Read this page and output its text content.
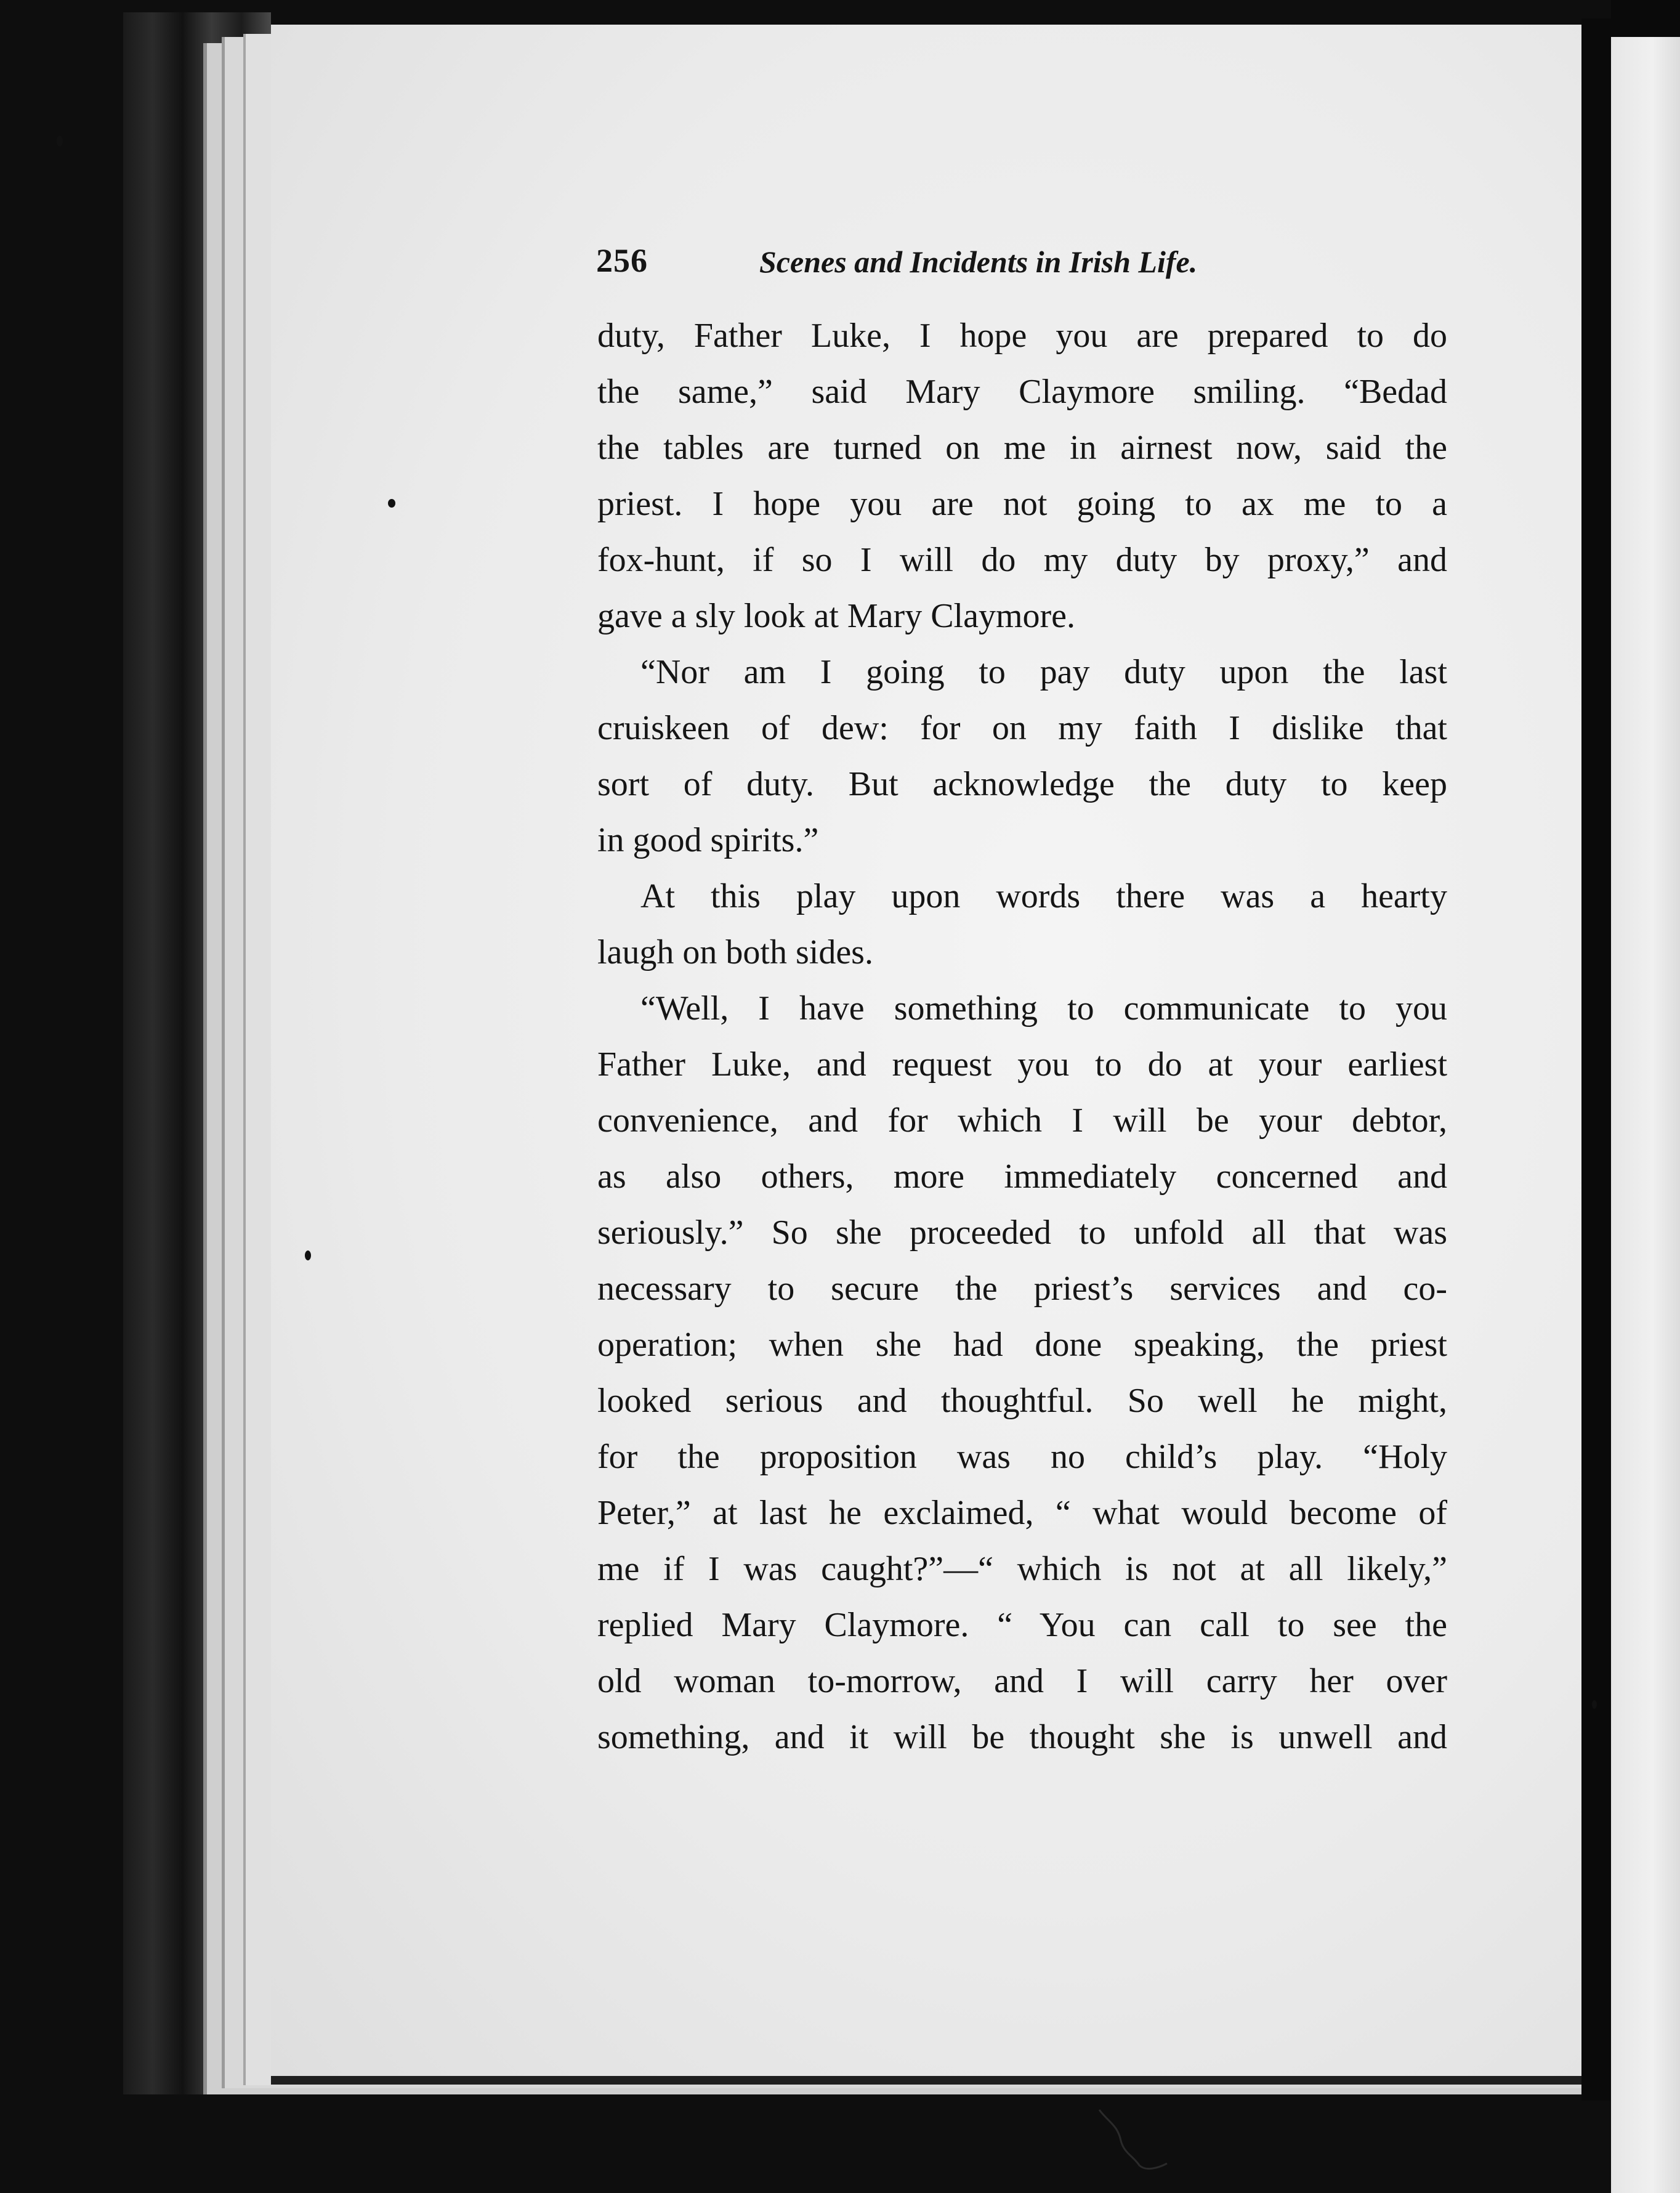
256	Scenes and Incidents in Irish Life.
duty, Father Luke, I hope you are prepared to do
the same,” said Mary Claymore smiling. “Bedad
the tables are turned on me in airnest now, said the
priest. I hope you are not going to ax me to a
fox-hunt, if so I will do my duty by proxy,” and
gave a sly look at Mary Claymore.
“Nor am I going to pay duty upon the last
cruiskeen of dew: for on my faith I dislike that
sort of duty. But acknowledge the duty to keep
in good spirits.”
At this play upon words there was a hearty
laugh on both sides.
“Well, I have something to communicate to you
Father Luke, and request you to do at your earliest
convenience, and for which I will be your debtor,
as also others, more immediately concerned and
seriously.” So she proceeded to unfold all that was
necessary to secure the priest’s services and co-
operation; when she had done speaking, the priest
looked serious and thoughtful. So well he might,
for the proposition was no child’s play. “Holy
Peter,” at last he exclaimed, “ what would become of
me if I was caught?”—“ which is not at all likely,”
replied Mary Claymore. “ You can call to see the
old woman to-morrow, and I will carry her over
something, and it will be thought she is unwell and
